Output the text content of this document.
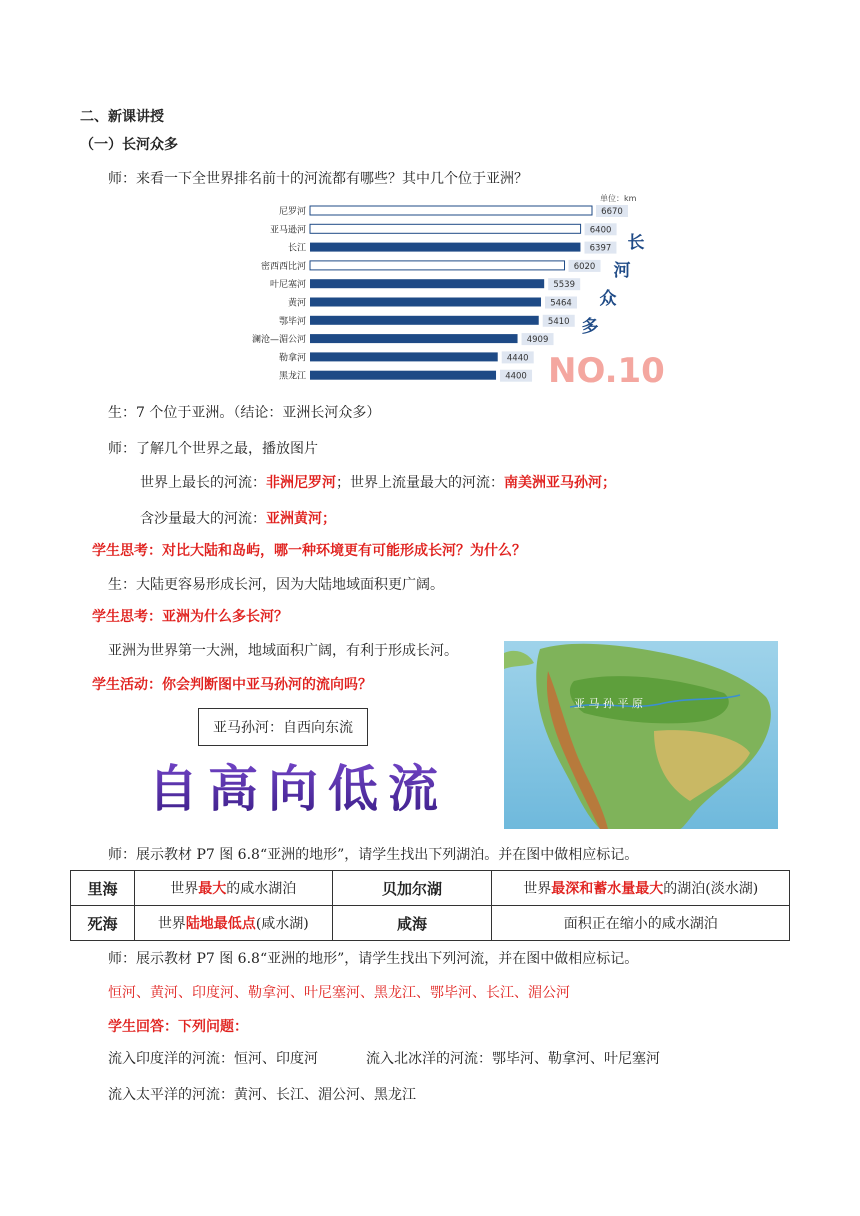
二、新课讲授
（一）长河众多
师：来看一下全世界排名前十的河流都有哪些？其中几个位于亚洲？
单位：km
尼罗河	6670
亚马逊河	6400
长江	6397
密西西比河	6020
叶尼塞河	5539
黄河	5464
鄂毕河	5410
澜沧—湄公河	4909
勒拿河	4440
黑龙江	4400
长
河
众
多
NO.10
生：7 个位于亚洲。（结论：亚洲长河众多）
师：了解几个世界之最，播放图片
世界上最长的河流：非洲尼罗河；世界上流量最大的河流：南美洲亚马孙河；
含沙量最大的河流：亚洲黄河；
学生思考：对比大陆和岛屿，哪一种环境更有可能形成长河？为什么？
生：大陆更容易形成长河，因为大陆地域面积更广阔。
学生思考：亚洲为什么多长河？
亚洲为世界第一大洲，地域面积广阔，有利于形成长河。
学生活动：你会判断图中亚马孙河的流向吗？
亚马孙河：自西向东流
自 高 向 低 流
亚 马 孙 平 原
师：展示教材 P7 图 6.8“亚洲的地形”，请学生找出下列湖泊。并在图中做相应标记。
里海	世界最大的咸水湖泊	贝加尔湖	世界最深和蓄水量最大的湖泊(淡水湖)
死海	世界陆地最低点(咸水湖)	咸海	面积正在缩小的咸水湖泊
师：展示教材 P7 图 6.8“亚洲的地形”，请学生找出下列河流，并在图中做相应标记。
恒河、黄河、印度河、勒拿河、叶尼塞河、黑龙江、鄂毕河、长江、湄公河
学生回答：下列问题：
流入印度洋的河流：恒河、印度河	流入北冰洋的河流：鄂毕河、勒拿河、叶尼塞河
流入太平洋的河流：黄河、长江、湄公河、黑龙江
